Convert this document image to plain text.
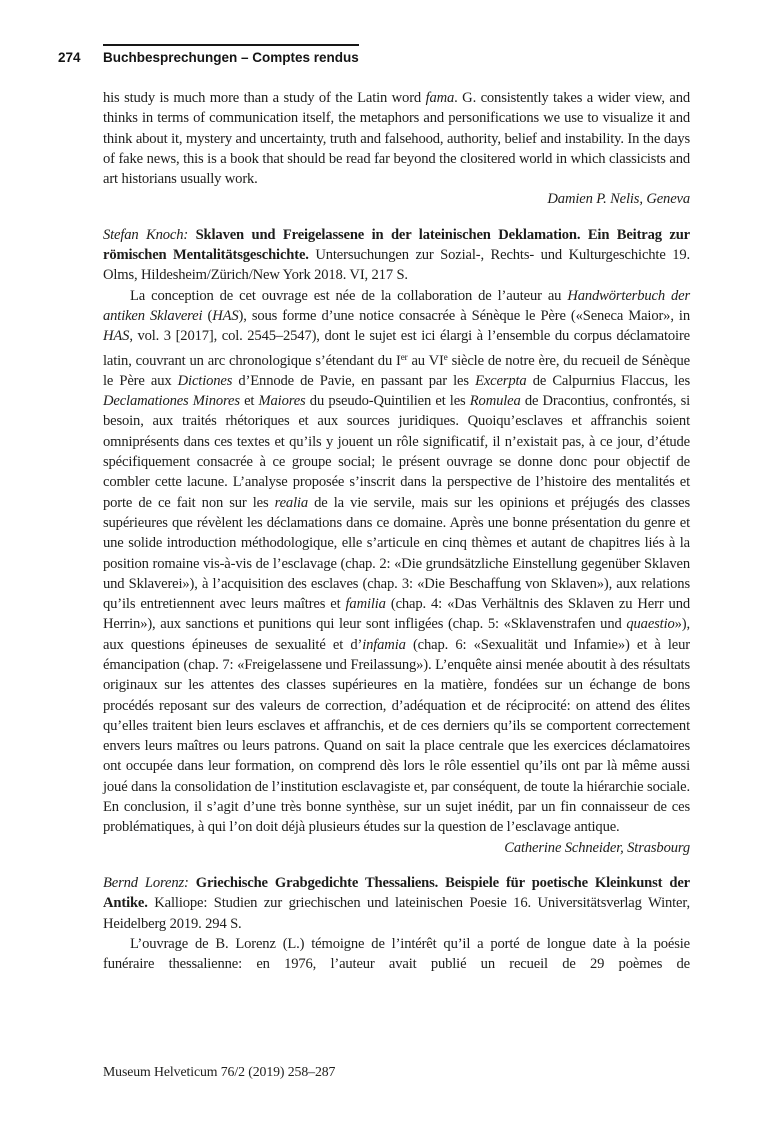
274 Buchbesprechungen – Comptes rendus

his study is much more than a study of the Latin word fama. G. consistently takes a wider view, and thinks in terms of communication itself, the metaphors and personifications we use to visualize it and think about it, mystery and uncertainty, truth and falsehood, authority, belief and instability. In the days of fake news, this is a book that should be read far beyond the clositered world in which classicists and art historians usually work.

Damien P. Nelis, Geneva

Stefan Knoch: Sklaven und Freigelassene in der lateinischen Deklamation. Ein Beitrag zur römischen Mentalitätsgeschichte. Untersuchungen zur Sozial-, Rechts- und Kulturgeschichte 19. Olms, Hildesheim/Zürich/New York 2018. VI, 217 S.

La conception de cet ouvrage est née de la collaboration de l’auteur au Handwörterbuch der antiken Sklaverei (HAS), sous forme d’une notice consacrée à Sénèque le Père («Seneca Maior», in HAS, vol. 3 [2017], col. 2545–2547), dont le sujet est ici élargi à l’ensemble du corpus déclamatoire latin, couvrant un arc chronologique s’étendant du Ier au VIe siècle de notre ère, du recueil de Sénèque le Père aux Dictiones d’Ennode de Pavie, en passant par les Excerpta de Calpurnius Flaccus, les Declamationes Minores et Maiores du pseudo-Quintilien et les Romulea de Dracontius, confrontés, si besoin, aux traités rhétoriques et aux sources juridiques. Quoiqu’esclaves et affranchis soient omniprésents dans ces textes et qu’ils y jouent un rôle significatif, il n’existait pas, à ce jour, d’étude spécifiquement consacrée à ce groupe social; le présent ouvrage se donne donc pour objectif de combler cette lacune. L’analyse proposée s’inscrit dans la perspective de l’histoire des mentalités et porte de ce fait non sur les realia de la vie servile, mais sur les opinions et préjugés des classes supérieures que révèlent les déclamations dans ce domaine. Après une bonne présentation du genre et une solide introduction méthodologique, elle s’articule en cinq thèmes et autant de chapitres liés à la position romaine vis-à-vis de l’esclavage (chap. 2: «Die grundsätzliche Einstellung gegenüber Sklaven und Sklaverei»), à l’acquisition des esclaves (chap. 3: «Die Beschaffung von Sklaven»), aux relations qu’ils entretiennent avec leurs maîtres et familia (chap. 4: «Das Verhältnis des Sklaven zu Herr und Herrin»), aux sanctions et punitions qui leur sont infligées (chap. 5: «Sklavenstrafen und quaestio»), aux questions épineuses de sexualité et d’infamia (chap. 6: «Sexualität und Infamie») et à leur émancipation (chap. 7: «Freigelassene und Freilassung»). L’enquête ainsi menée aboutit à des résultats originaux sur les attentes des classes supérieures en la matière, fondées sur un échange de bons procédés reposant sur des valeurs de correction, d’adéquation et de réciprocité: on attend des élites qu’elles traitent bien leurs esclaves et affranchis, et de ces derniers qu’ils se comportent correctement envers leurs maîtres ou leurs patrons. Quand on sait la place centrale que les exercices déclamatoires ont occupée dans leur formation, on comprend dès lors le rôle essentiel qu’ils ont par là même aussi joué dans la consolidation de l’institution esclavagiste et, par conséquent, de toute la hiérarchie sociale. En conclusion, il s’agit d’une très bonne synthèse, sur un sujet inédit, par un fin connaisseur de ces problématiques, à qui l’on doit déjà plusieurs études sur la question de l’esclavage antique.

Catherine Schneider, Strasbourg

Bernd Lorenz: Griechische Grabgedichte Thessaliens. Beispiele für poetische Kleinkunst der Antike. Kalliope: Studien zur griechischen und lateinischen Poesie 16. Universitätsverlag Winter, Heidelberg 2019. 294 S.

L’ouvrage de B. Lorenz (L.) témoigne de l’intérêt qu’il a porté de longue date à la poésie funéraire thessalienne: en 1976, l’auteur avait publié un recueil de 29 poèmes de

Museum Helveticum 76/2 (2019) 258–287
